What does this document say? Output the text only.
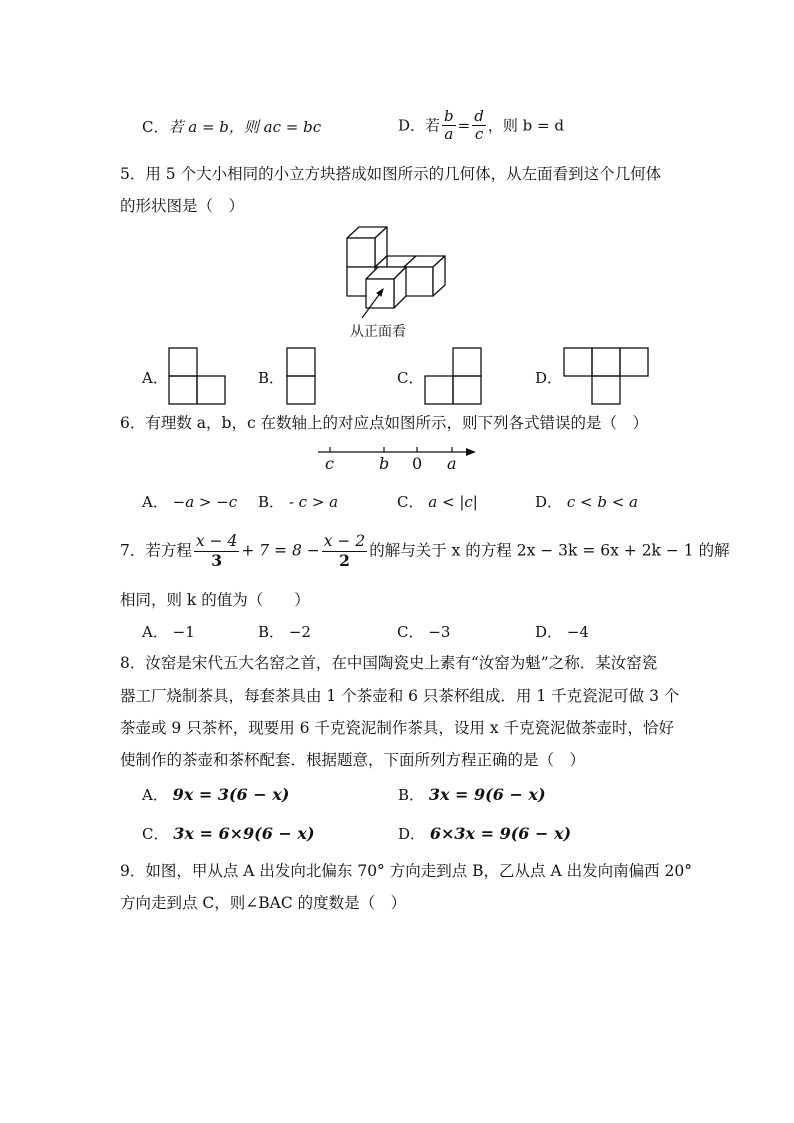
C．若 a = b，则 ac = bc	D．若 $\frac{b}{a} = \frac{d}{c}$ ，则 b = d
5．用 5 个大小相同的小立方块搭成如图所示的几何体，从左面看到这个几何体
的形状图是（　）
从正面看
A．	B．	C．	D．
6．有理数 a，b，c 在数轴上的对应点如图所示，则下列各式错误的是（　）
c	b 0 a
A． −a > −c B． - c > a	C． a < |c|	D． c < b < a
7．若方程 $\frac{x - 4}{3} + 7 = 8 - \frac{x - 2}{2}$ 的解与关于 x 的方程 2x − 3k = 6x + 2k − 1 的解
相同，则 k 的值为（　　）
A． −1	B． −2	C． −3	D． −4
8．汝窑是宋代五大名窑之首，在中国陶瓷史上素有“汝窑为魁”之称．某汝窑瓷
器工厂烧制茶具，每套茶具由 1 个茶壶和 6 只茶杯组成．用 1 千克瓷泥可做 3 个
茶壶或 9 只茶杯，现要用 6 千克瓷泥制作茶具，设用 x 千克瓷泥做茶壶时，恰好
使制作的茶壶和茶杯配套．根据题意，下面所列方程正确的是（　）
A． 9x = 3(6 − x)	B． 3x = 9(6 − x)
C． 3x = 6×9(6 − x)	D． 6×3x = 9(6 − x)
9．如图，甲从点 A 出发向北偏东 70° 方向走到点 B，乙从点 A 出发向南偏西 20°
方向走到点 C，则∠BAC 的度数是（　）
